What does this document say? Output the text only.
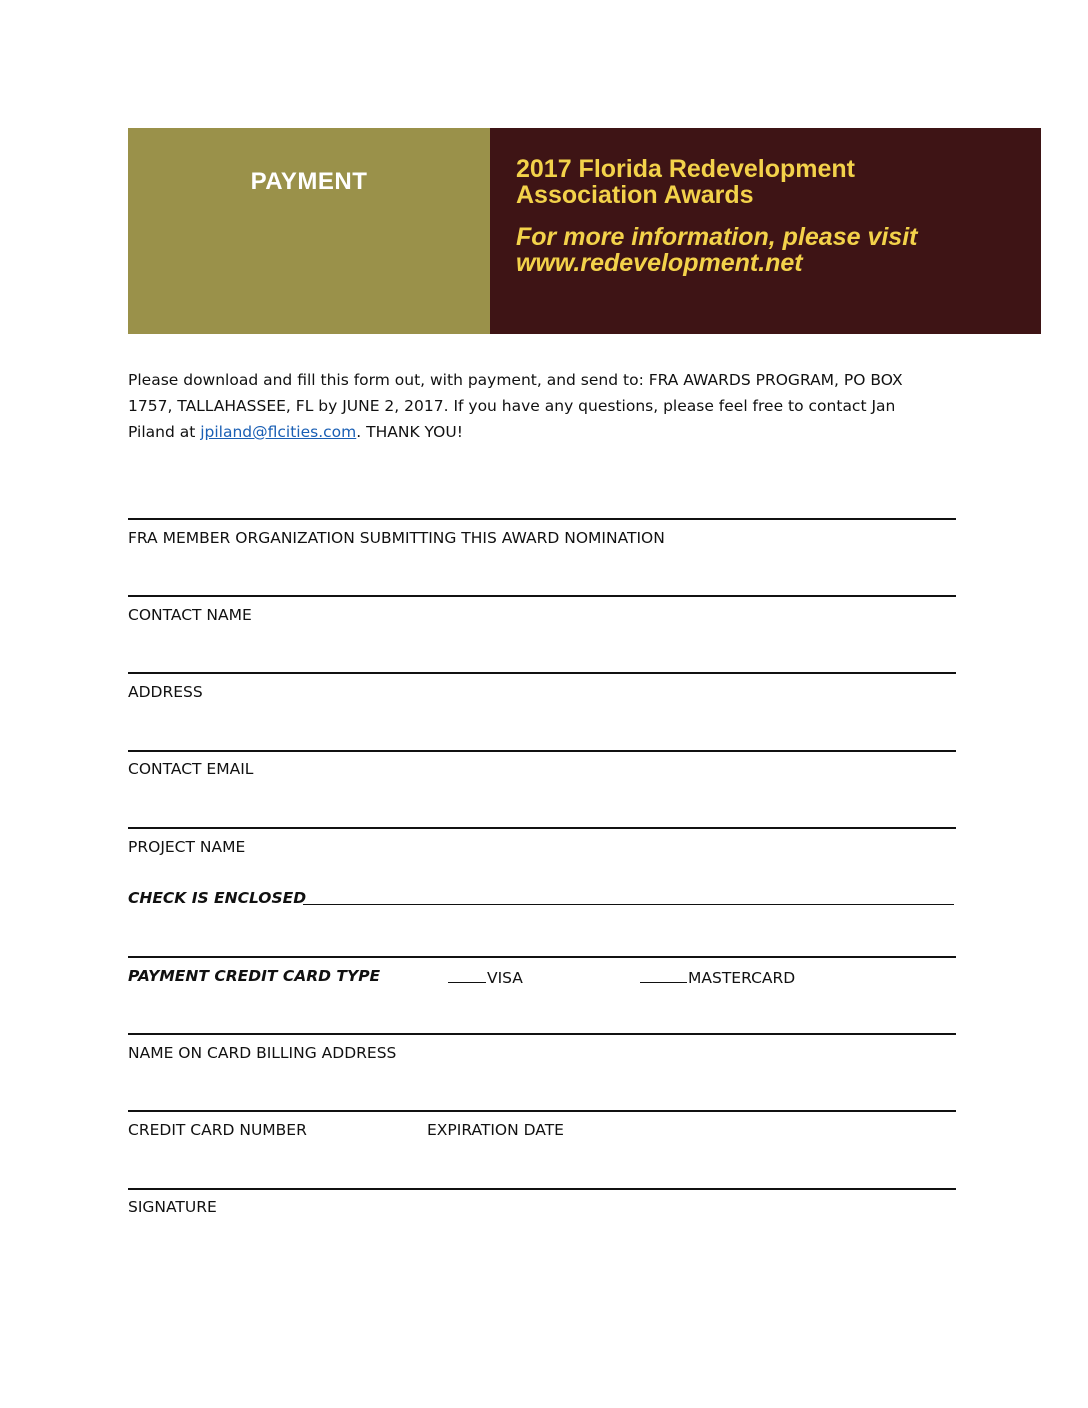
PAYMENT	2017 Florida Redevelopment
Association Awards
For more information, please visit
www.redevelopment.net
Please download and fill this form out, with payment, and send to: FRA AWARDS PROGRAM, PO BOX
1757, TALLAHASSEE, FL by JUNE 2, 2017. If you have any questions, please feel free to contact Jan
Piland at jpiland@flcities.com. THANK YOU!
FRA MEMBER ORGANIZATION SUBMITTING THIS AWARD NOMINATION
CONTACT NAME
ADDRESS
CONTACT EMAIL
PROJECT NAME
CHECK IS ENCLOSED
PAYMENT CREDIT CARD TYPE	VISA	MASTERCARD
NAME ON CARD BILLING ADDRESS
CREDIT CARD NUMBER	EXPIRATION DATE
SIGNATURE
